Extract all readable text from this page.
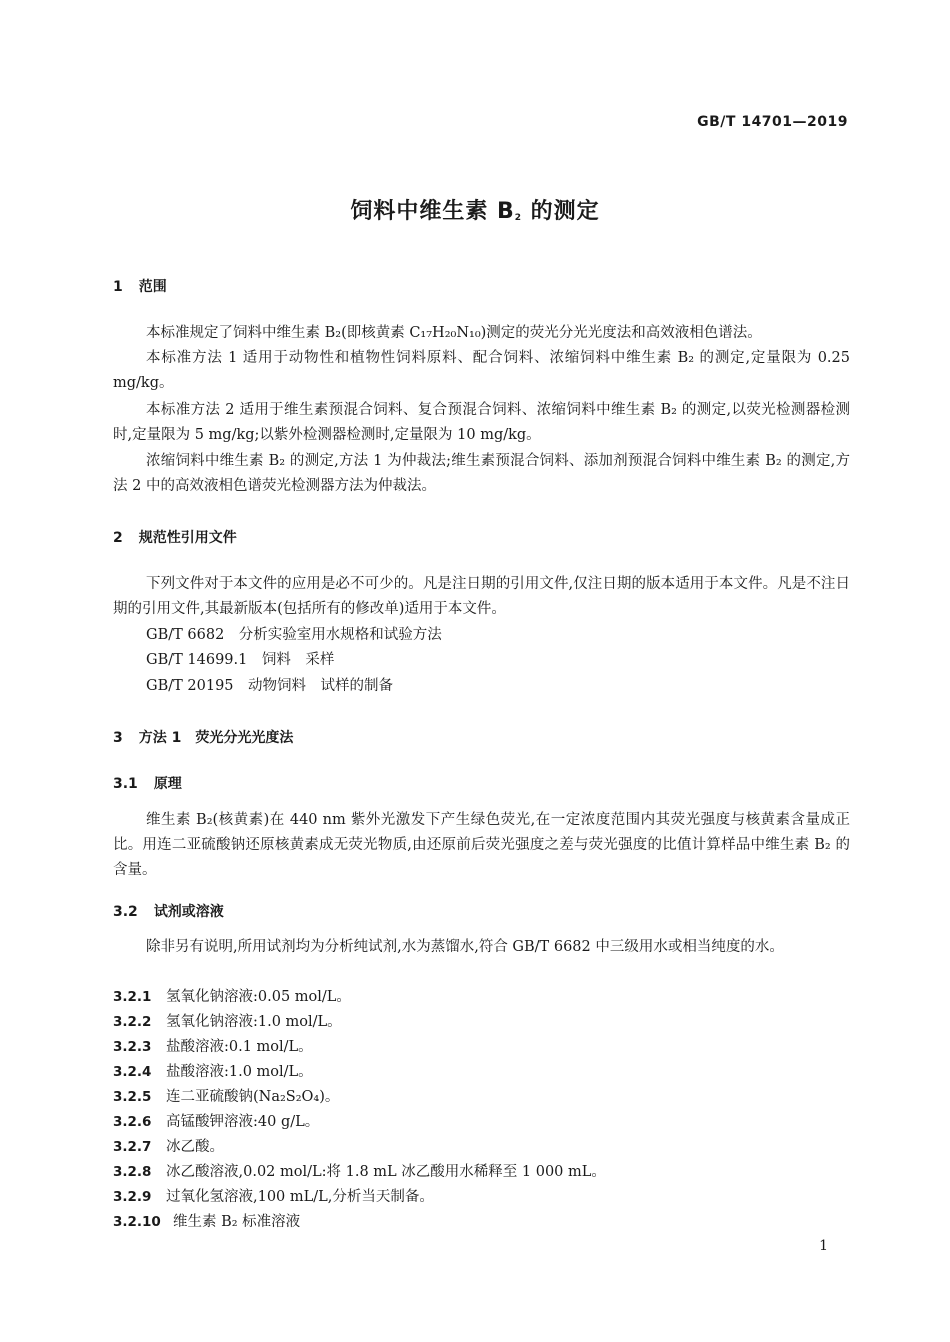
GB/T 14701—2019
饲料中维生素 $B_2$ 的测定
1 范围
本标准规定了饲料中维生素 B₂(即核黄素 C₁₇H₂₀N₁₀)测定的荧光分光光度法和高效液相色谱法。
本标准方法 1 适用于动物性和植物性饲料原料、配合饲料、浓缩饲料中维生素 B₂ 的测定,定量限为 0.25 mg/kg。
本标准方法 2 适用于维生素预混合饲料、复合预混合饲料、浓缩饲料中维生素 B₂ 的测定,以荧光检测器检测时,定量限为 5 mg/kg;以紫外检测器检测时,定量限为 10 mg/kg。
浓缩饲料中维生素 B₂ 的测定,方法 1 为仲裁法;维生素预混合饲料、添加剂预混合饲料中维生素 B₂ 的测定,方法 2 中的高效液相色谱荧光检测器方法为仲裁法。
2 规范性引用文件
下列文件对于本文件的应用是必不可少的。凡是注日期的引用文件,仅注日期的版本适用于本文件。凡是不注日期的引用文件,其最新版本(包括所有的修改单)适用于本文件。
GB/T 6682　分析实验室用水规格和试验方法
GB/T 14699.1　饲料　采样
GB/T 20195　动物饲料　试样的制备
3 方法 1　荧光分光光度法
3.1 原理
维生素 B₂(核黄素)在 440 nm 紫外光激发下产生绿色荧光,在一定浓度范围内其荧光强度与核黄素含量成正比。用连二亚硫酸钠还原核黄素成无荧光物质,由还原前后荧光强度之差与荧光强度的比值计算样品中维生素 B₂ 的含量。
3.2 试剂或溶液
除非另有说明,所用试剂均为分析纯试剂,水为蒸馏水,符合 GB/T 6682 中三级用水或相当纯度的水。
3.2.1 氢氧化钠溶液:0.05 mol/L。
3.2.2 氢氧化钠溶液:1.0 mol/L。
3.2.3 盐酸溶液:0.1 mol/L。
3.2.4 盐酸溶液:1.0 mol/L。
3.2.5 连二亚硫酸钠(Na₂S₂O₄)。
3.2.6 高锰酸钾溶液:40 g/L。
3.2.7 冰乙酸。
3.2.8 冰乙酸溶液,0.02 mol/L:将 1.8 mL 冰乙酸用水稀释至 1 000 mL。
3.2.9 过氧化氢溶液,100 mL/L,分析当天制备。
3.2.10 维生素 B₂ 标准溶液
1
